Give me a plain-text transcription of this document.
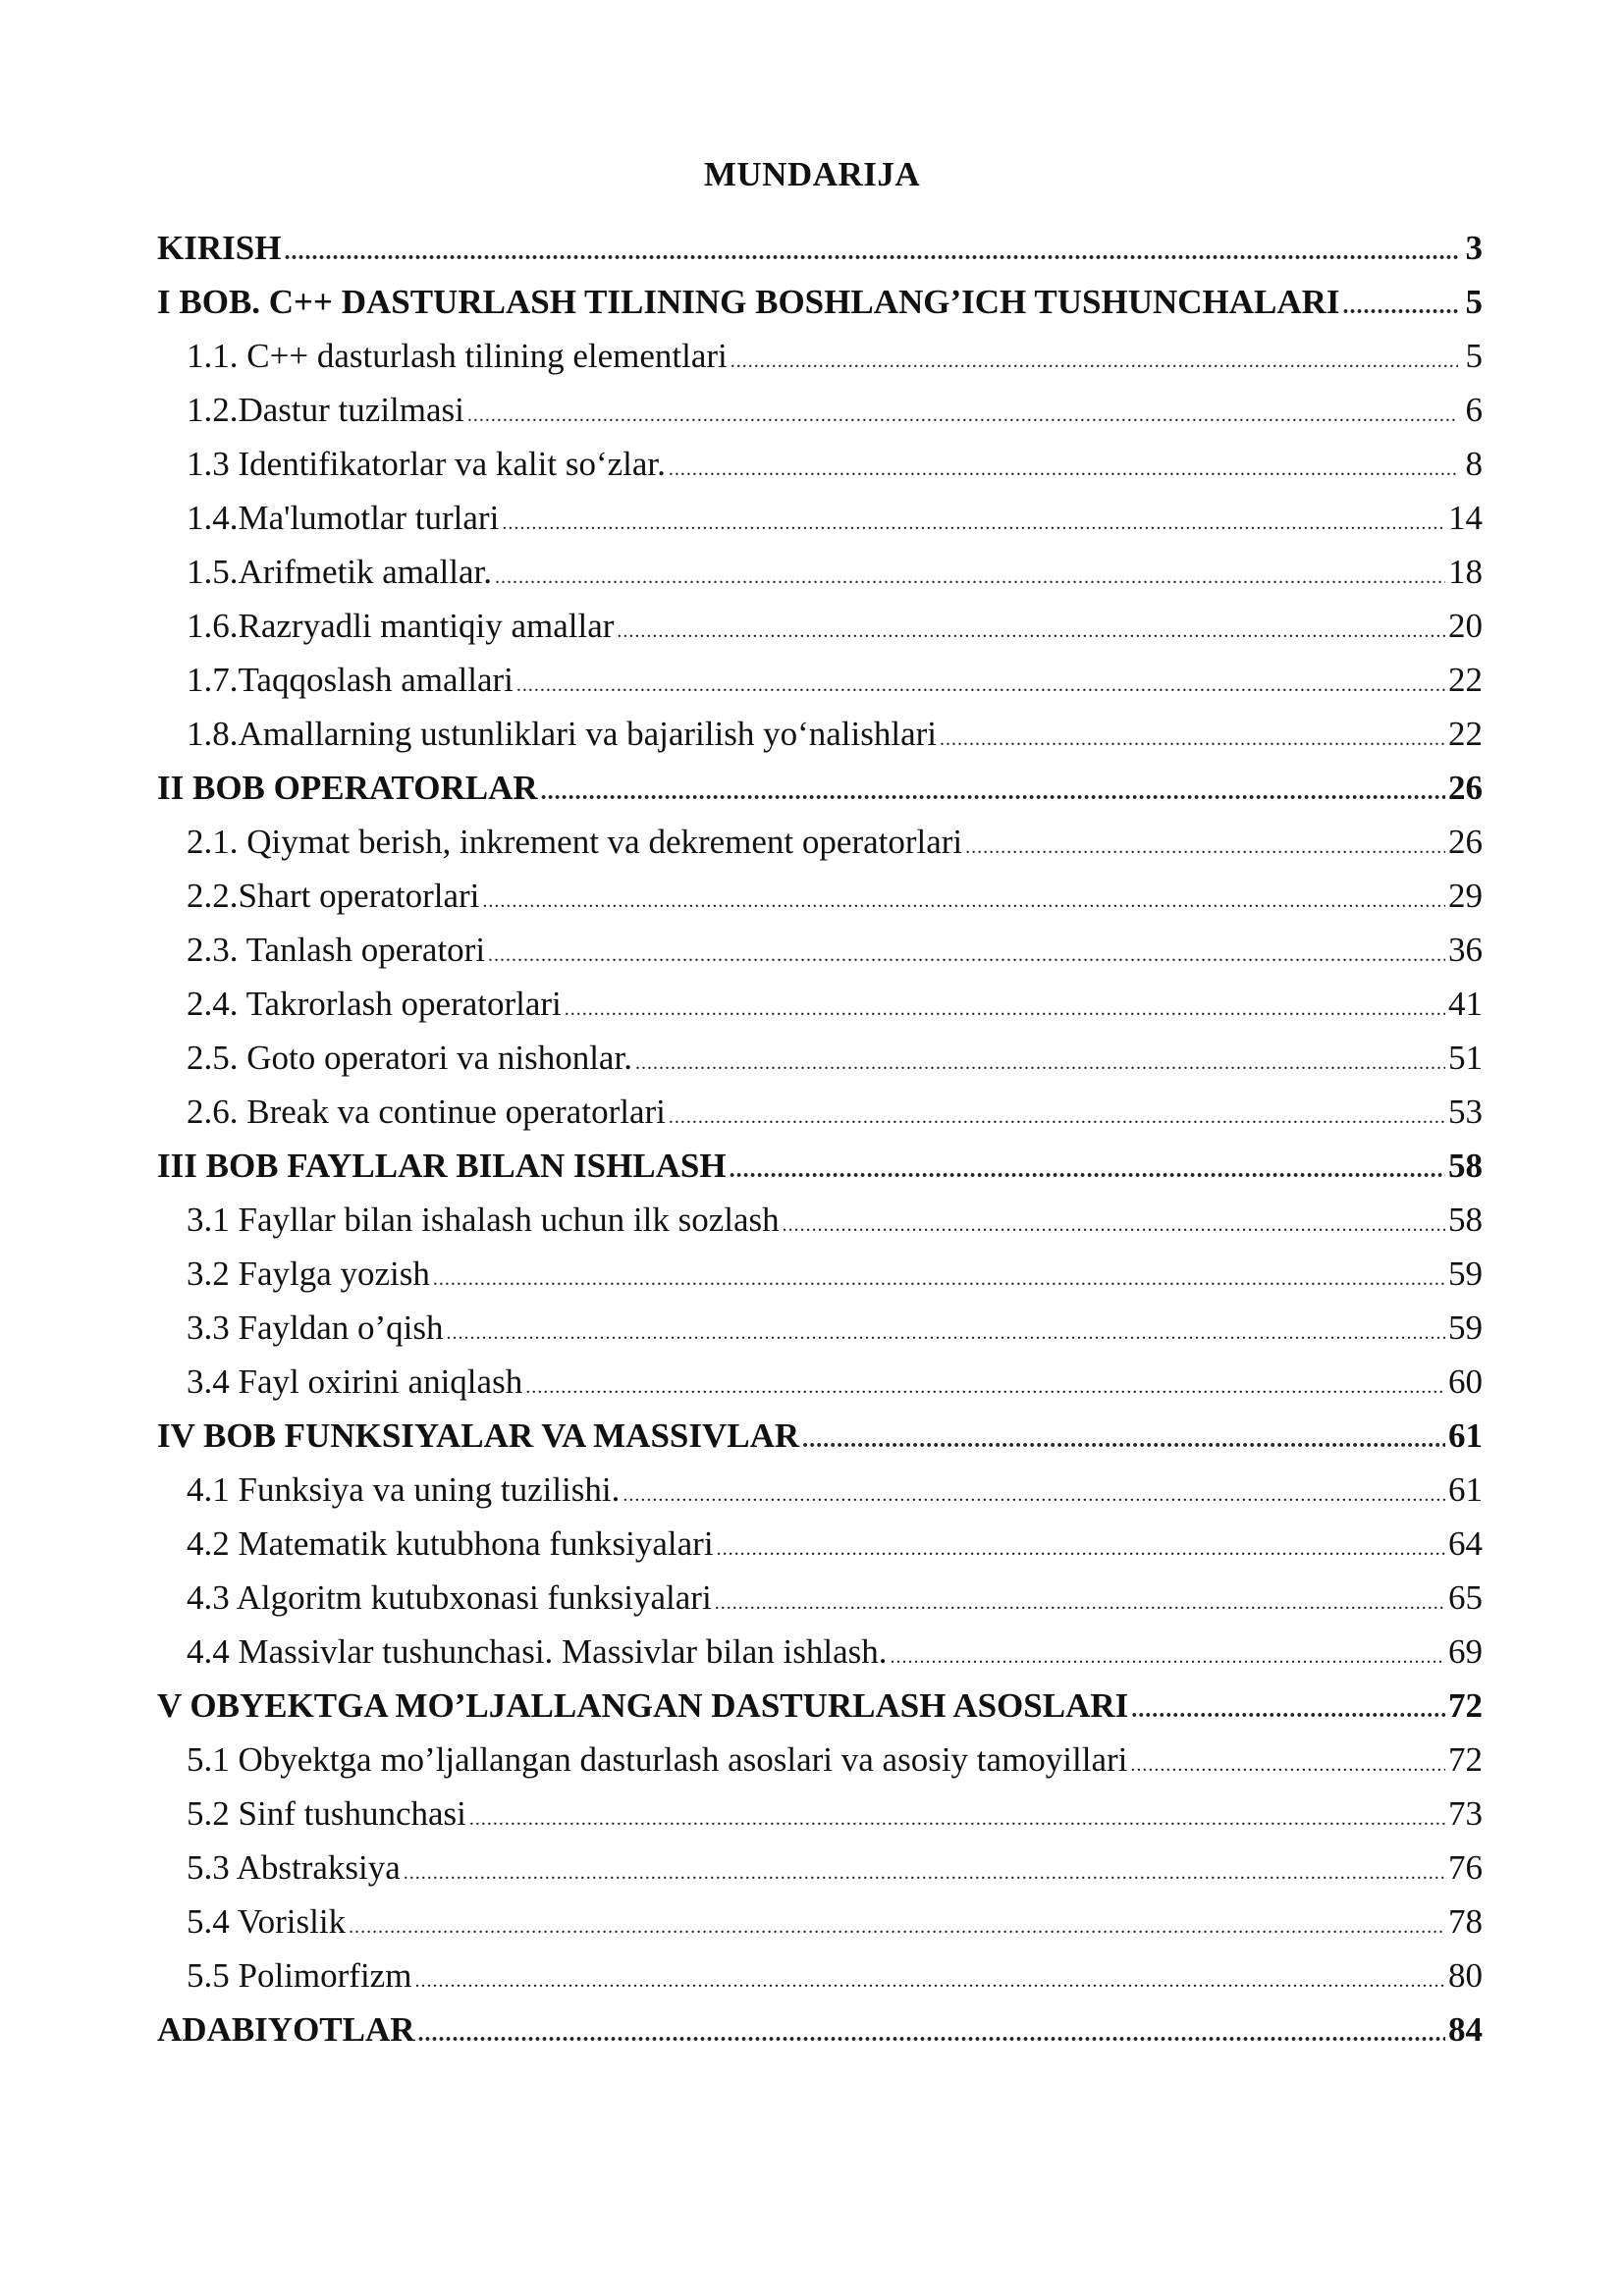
MUNDARIJA
KIRISH .....	3
I BOB. C++ DASTURLASH TILINING BOSHLANG’ICH TUSHUNCHALARI .....	5
1.1. C++ dasturlash tilining elementlari .....	5
1.2.Dastur tuzilmasi .....	6
1.3 Identifikatorlar va kalit so‘zlar. .....	8
1.4.Ma'lumotlar turlari .....	14
1.5.Arifmetik amallar. .....	18
1.6.Razryadli mantiqiy amallar .....	20
1.7.Taqqoslash amallari .....	22
1.8.Amallarning ustunliklari va bajarilish yo‘nalishlari .....	22
II BOB OPERATORLAR .....	26
2.1. Qiymat berish, inkrement va dekrement operatorlari .....	26
2.2.Shart operatorlari .....	29
2.3. Tanlash operatori .....	36
2.4. Takrorlash operatorlari .....	41
2.5. Goto operatori va nishonlar. .....	51
2.6. Break va continue operatorlari .....	53
III BOB FAYLLAR BILAN ISHLASH .....	58
3.1 Fayllar bilan ishalash uchun ilk sozlash .....	58
3.2 Faylga yozish .....	59
3.3 Fayldan o’qish .....	59
3.4 Fayl oxirini aniqlash .....	60
IV BOB FUNKSIYALAR VA MASSIVLAR .....	61
4.1 Funksiya va uning tuzilishi. .....	61
4.2 Matematik kutubhona funksiyalari .....	64
4.3 Algoritm kutubxonasi funksiyalari .....	65
4.4 Massivlar tushunchasi. Massivlar bilan ishlash. .....	69
V OBYEKTGA MO’LJALLANGAN DASTURLASH ASOSLARI .....	72
5.1 Obyektga mo’ljallangan dasturlash asoslari va asosiy tamoyillari .....	72
5.2 Sinf tushunchasi .....	73
5.3 Abstraksiya .....	76
5.4 Vorislik .....	78
5.5 Polimorfizm .....	80
ADABIYOTLAR .....	84
